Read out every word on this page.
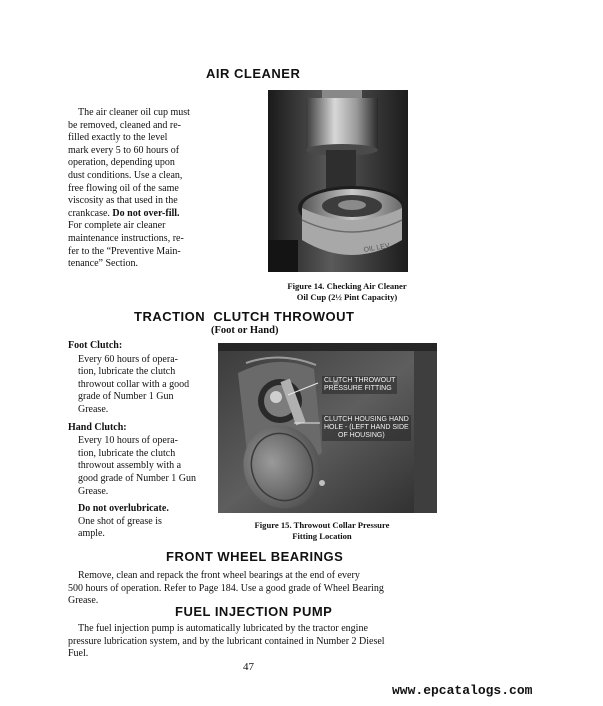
AIR CLEANER
The air cleaner oil cup must
be removed, cleaned and re-
filled exactly to the level
mark every 5 to 60 hours of
operation, depending upon
dust conditions. Use a clean,
free flowing oil of the same
viscosity as that used in the
crankcase. Do not over-fill.
For complete air cleaner
maintenance instructions, re-
fer to the “Preventive Main-
tenance” Section.
OIL LEV
Figure 14. Checking Air Cleaner
Oil Cup (2½ Pint Capacity)
TRACTION  CLUTCH THROWOUT
(Foot or Hand)
Foot Clutch:
Every 60 hours of opera-
tion, lubricate the clutch
throwout collar with a good
grade of Number 1 Gun
Grease.
Hand Clutch:
Every 10 hours of opera-
tion, lubricate the clutch
throwout assembly with a
good grade of Number 1 Gun
Grease.
Do not overlubricate.
One shot of grease is
ample.
CLUTCH THROWOUT
PRESSURE FITTING
CLUTCH HOUSING HAND
HOLE - (LEFT HAND SIDE
OF HOUSING)
Figure 15. Throwout Collar Pressure
Fitting Location
FRONT WHEEL BEARINGS
Remove, clean and repack the front wheel bearings at the end of every
500 hours of operation. Refer to Page 184. Use a good grade of Wheel Bearing
Grease.
FUEL INJECTION PUMP
The fuel injection pump is automatically lubricated by the tractor engine
pressure lubrication system, and by the lubricant contained in Number 2 Diesel
Fuel.
47
www.epcatalogs.com
